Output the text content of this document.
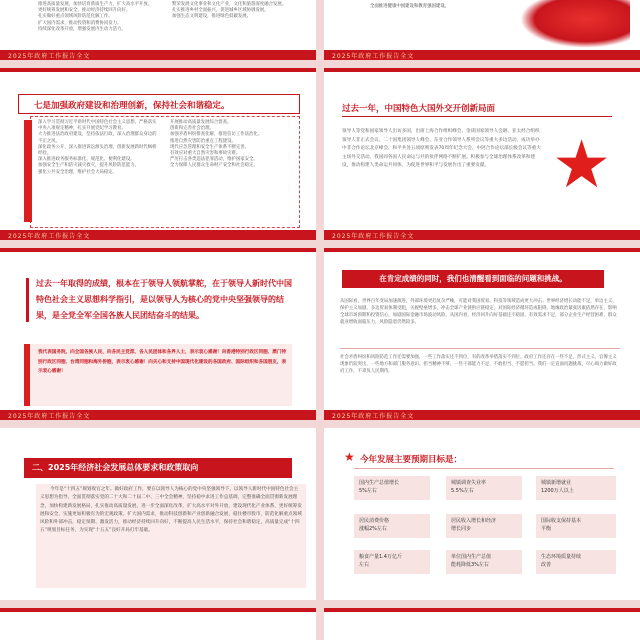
推进高质量发展，加快培育新质生产力，扩大高水平开放。
更好统筹发展和安全，推动经济持续回升向好。
扎实做好重点领域风险防范化解工作。
扩大国内需求，推动投资和消费协同发力。
持续深化改革开放，增强发展内生动力活力。
繁荣发展文化事业和文化产业，文化和旅游深度融合发展。
扎实推进乡村全面振兴，促进城乡区域协调发展。
加强生态文明建设，推进绿色低碳发展。
2025年政府工作报告全文
全面推进健康中国建设和教育强国建设。
2025年政府工作报告全文
七是加强政府建设和治理创新，保持社会和谐稳定。
深入学习贯彻习近平新时代中国特色社会主义思想，严格落实中央八项规定精神，扎实开展党纪学习教育。
大力推进法治政府建设，坚持依法行政，深入治理群众身边的不正之风。
深化政务公开，深入推进诉讼源头治理，创新发展新时代枫桥经验。
深入推进政务服务标准化、规范化、便利化建设。
加强安全生产和防灾减灾救灾，提升风险防范能力。
强化公共安全治理，维护社会大局稳定。
开展推动高质量发展综合督查。
创新和完善社会治理。
加强矛盾纠纷排查化解，推进信访工作法治化。
推进自然灾害防治重点工程建设。
现代应急管理和安全生产体系不断完善。
有效应对重大自然灾害和事故灾难。
严厉打击各类违法犯罪活动，维护国家安全。
全力保障人民群众生命财产安全和社会稳定。
2025年政府工作报告全文
过去一年，中国特色大国外交开创新局面
领导人等党和国家领导人出访多国，出席上海合作组织峰会、金砖国家领导人会晤、亚太经合组织领导人非正式会议、二十国集团领导人峰会、东亚合作领导人系列会议等重大多边活动，成功举办中非合作论坛北京峰会、和平共处五项原则发表70周年纪念大会、中阿合作论坛部长级会议等重大主场外交活动。我国同各国人民命运与共的伙伴网络不断扩展。积极参与全球治理体系改革和建设，推动构建人类命运共同体，为促进世界和平与发展作出了重要贡献。 ★
2025年政府工作报告全文
过去一年取得的成绩，根本在于领导人领航掌舵，在于领导人新时代中国特色社会主义思想科学指引，是以领导人为核心的党中央坚强领导的结果，是全党全军全国各族人民团结奋斗的结果。
我代表国务院，向全国各族人民，向各民主党派、各人民团体和各界人士，表示衷心感谢！向香港特别行政区同胞、澳门特别行政区同胞、台湾同胞和海外侨胞，表示衷心感谢！向关心和支持中国现代化建设的各国政府、国际组织和各国朋友，表示衷心感谢！
2025年政府工作报告全文
在肯定成绩的同时，我们也清醒看到面临的问题和挑战。
从国际看，世界百年变局加速演进，外部环境更趋复杂严峻，可能对我国贸易、科技等领域造成更大冲击。世界经济增长动能不足，单边主义、保护主义加剧，多边贸易体制受阻，关税壁垒增多，冲击全球产业链供应链稳定，对国际经济循环造成阻碍。地缘政治紧张因素依然存在，影响全球市场预期和投资信心，加剧国际金融市场波动风险。从国内看，经济回升向好基础还不稳固，有效需求不足，部分企业生产经营困难，群众就业增收面临压力，风险隐患仍然较多。
社会矛盾纠纷和风险防范工作还需要加强，一些工作落实还不到位，有的改革举措落实不到位。政府工作还存在一些不足，形式主义、官僚主义现象仍较突出，一些地方和部门服务意识、担当精神不够，一些干部能力不足，不敢担当、不愿担当。我们一定直面问题挑战，尽心竭力做好政府工作，不辜负人民期待。
2025年政府工作报告全文
二、2025年经济社会发展总体要求和政策取向
今年是“十四五”规划收官之年。做好政府工作，要在以领导人为核心的党中央坚强领导下，以领导人新时代中国特色社会主义思想为指导，全面贯彻落实党的二十大和二十届二中、三中全会精神，坚持稳中求进工作总基调，完整准确全面贯彻新发展理念，加快构建新发展格局，扎实推动高质量发展，进一步全面深化改革，扩大高水平对外开放，建设现代化产业体系，更好统筹发展和安全，实施更加积极有为的宏观政策，扩大国内需求，推动科技创新和产业创新融合发展，稳住楼市股市，防范化解重点领域风险和外部冲击，稳定预期、激发活力，推动经济持续回升向好，不断提高人民生活水平，保持社会和谐稳定，高质量完成“十四五”规划目标任务，为实现“十五五”良好开局打牢基础。
★ 今年发展主要预期目标是：
国内生产总值增长
5%左右
城镇调查失业率
5.5%左右
城镇新增就业
1200万人以上
居民消费价格
涨幅2%左右
居民收入增长和经济
增长同步
国际收支保持基本
平衡
粮食产量1.4万亿斤
左右
单位国内生产总值
能耗降低3%左右
生态环境质量持续
改善
